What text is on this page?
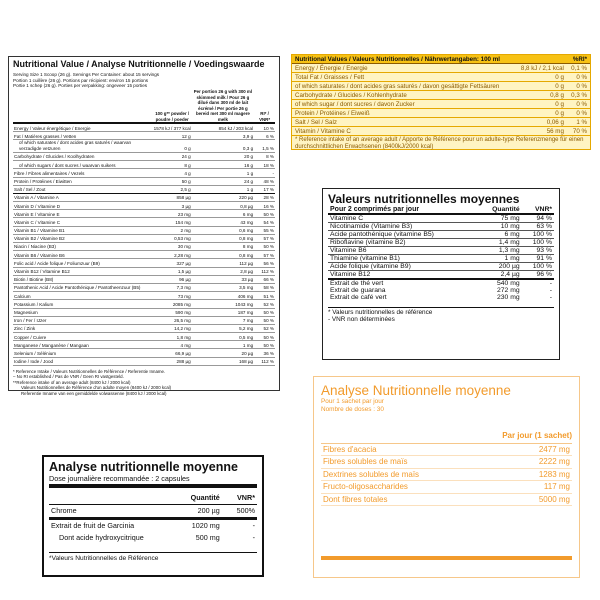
Nutritional Value / Analyse Nutritionnelle / Voedingswaarde
Serving Size 1 Scoop (26 g). Servings Per Container: about 15 servings
Portion 1 cuillère (26 g). Portions par récipient: environ 15 portions
Portie 1 schep (26 g). Porties per verpakking: ongeveer 15 porties
	100 g** powder / poudre / poeder	Per portion 26 g with 300 ml skimmed milk / Pour 26 g dilué dans 300 ml de lait écrémé / Per portie 26 g bereid met 300 ml magere melk	RI* / VNR*
Energy / Valeur énergétique / Energie	1578 kJ / 377 kcal	854 kJ / 203 kcal	10 %
Fat / Matières grasses / Vetten	12 g	3,9 g	6 %
of which saturates / dont acides gras saturés / waarvan verzadigde vetzuren	0 g	0,3 g	1,5 %
Carbohydrate / Glucides / Koolhydraten	24 g	20 g	8 %
of which sugars / dont sucres / waarvan suikers	8 g	16 g	18 %
Fibre / Fibres alimentaires / Vezels	4 g	1 g	-
Protein / Protéines / Eiwitten	50 g	24 g	48 %
Salt / Sel / Zout	2,5 g	1 g	17 %
Vitamin A / Vitamine A	858 µg	220 µg	28 %
Vitamin D / Vitamine D	3 µg	0,8 µg	16 %
Vitamin E / Vitamine E	23 mg	6 mg	50 %
Vitamin C / Vitamine C	154 mg	43 mg	54 %
Vitamin B1 / Vitamine B1	2 mg	0,6 mg	55 %
Vitamin B2 / Vitamine B2	0,53 mg	0,8 mg	57 %
Niacin / Niacine (B3)	30 mg	8 mg	50 %
Vitamin B6 / Vitamine B6	2,28 mg	0,8 mg	57 %
Folic acid / Acide folique / Foliumzuur (B9)	327 µg	112 µg	56 %
Vitamin B12 / Vitamine B12	1,5 µg	2,8 µg	112 %
Biotin / Biotine (B8)	96 µg	33 µg	66 %
Pantothenic Acid / Acide Pantothénique / Pantotheenzuur (B5)	7,3 mg	3,5 mg	58 %
Calcium	73 mg	406 mg	51 %
Potassium / Kalium	2085 mg	1043 mg	52 %
Magnesium	590 mg	187 mg	50 %
Iron / Fer / IJzer	26,5 mg	7 mg	50 %
Zinc / Zink	14,2 mg	5,2 mg	52 %
Copper / Cuivre	1,8 mg	0,5 mg	50 %
Manganese / Manganèse / Mangaan	4 mg	1 mg	50 %
Selenium / Sélénium	66,9 µg	20 µg	36 %
Iodine / Iode / Jood	288 µg	168 µg	112 %
* Reference Intake / Valeurs Nutritionnelles de Référence / Referentie Inname.
– No RI established / Pas de VNR / Geen RI vastgesteld.
**Reference intake of an average adult (8400 kJ / 2000 kcal)
Valeurs Nutritionnelles de Référence d'un adulte moyen (8400 kJ / 2000 kcal)
Referentie Inname van een gemiddelde volwassenne (8400 kJ / 2000 kcal)
Nutritional Values / Valeurs Nutritionnelles / Nährwertangaben: 100 ml		%RI*
Energy / Énergie / Energie	8,8 kJ / 2,1 kcal	0,1 %
Total Fat / Graisses / Fett	0 g	0 %
of which saturates / dont acides gras saturés / davon gesättigte Fettsäuren	0 g	0 %
Carbohydrate / Glucides / Kohlenhydrate	0,8 g	0,3 %
of which sugar / dont sucres / davon Zucker	0 g	0 %
Protein / Protéines / Eiweiß	0 g	0 %
Salt / Sel / Salz	0,06 g	1 %
Vitamin / Vitamine C	56 mg	70 %
* Reference intake of an average adult / Apporte de Référence pour un adulte-type Referenzmenge für einen durchschnittlichen Erwachsenen (8400kJ/2000 kcal)
Valeurs nutritionnelles moyennes
Pour 2 comprimés par jour	Quantité	VNR*
Vitamine C	75 mg	94 %
Nicotinamide (Vitamine B3)	10 mg	63 %
Acide pantothénique (vitamine B5)	6 mg	100 %
Riboflavine (vitamine B2)	1,4 mg	100 %
Vitamine B6	1,3 mg	93 %
Thiamine (vitamine B1)	1 mg	91 %
Acide folique (vitamine B9)	200 µg	100 %
Vitamine B12	2,4 µg	96 %
Extrait de thé vert	540 mg	-
Extrait de guarana	272 mg	-
Extrait de café vert	230 mg	-
* Valeurs nutritionnelles de référence
- VNR non déterminées
Analyse nutritionnelle moyenne
Dose journalière recommandée : 2 capsules
	Quantité	VNR*
Chrome	200 µg	500%
Extrait de fruit de Garcinia	1020 mg	-
Dont acide hydroxycitrique	500 mg	-
*Valeurs Nutritionnelles de Référence
Analyse Nutritionnelle moyenne
Pour 1 sachet par jour
Nombre de doses : 30
Par jour (1 sachet)
Fibres d'acacia	2477 mg
Fibres solubles de maïs	2222 mg
Dextrines solubles de maïs	1283 mg
Fructo-oligosaccharides	117 mg
Dont fibres totales	5000 mg
